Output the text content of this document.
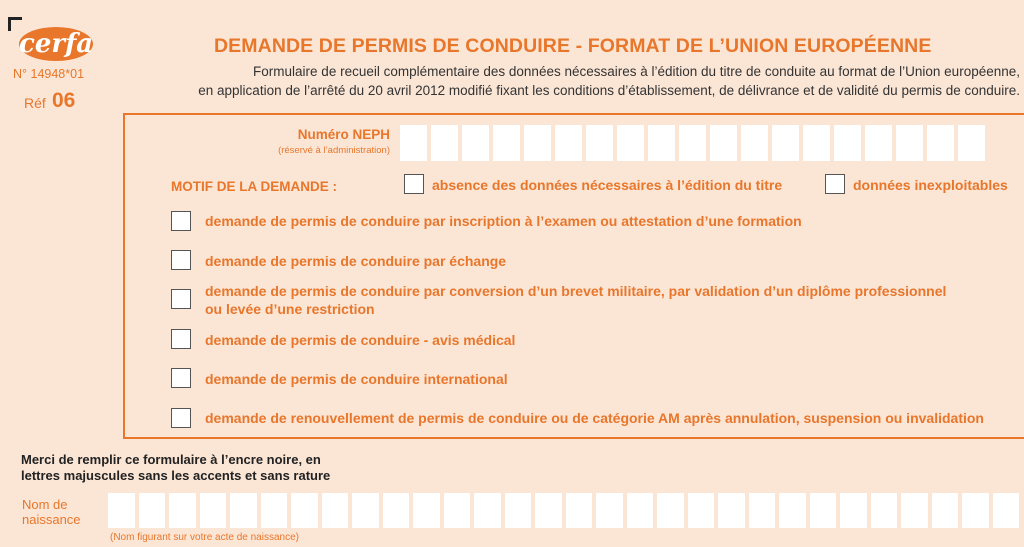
cerfa
N° 14948*01
Réf 06
DEMANDE DE PERMIS DE CONDUIRE - FORMAT DE L’UNION EUROPÉENNE
Formulaire de recueil complémentaire des données nécessaires à l’édition du titre de conduite au format de l’Union européenne,
en application de l’arrêté du 20 avril 2012 modifié fixant les conditions d’établissement, de délivrance et de validité du permis de conduire.
Numéro NEPH
(réservé à l’administration)
MOTIF DE LA DEMANDE :	absence des données nécessaires à l’édition du titre	données inexploitables
demande de permis de conduire par inscription à l’examen ou attestation d’une formation
demande de permis de conduire par échange
demande de permis de conduire par conversion d’un brevet militaire, par validation d’un diplôme professionnel
ou levée d’une restriction
demande de permis de conduire - avis médical
demande de permis de conduire international
demande de renouvellement de permis de conduire ou de catégorie AM après annulation, suspension ou invalidation
Merci de remplir ce formulaire à l’encre noire, en
lettres majuscules sans les accents et sans rature
Nom de
naissance
(Nom figurant sur votre acte de naissance)
